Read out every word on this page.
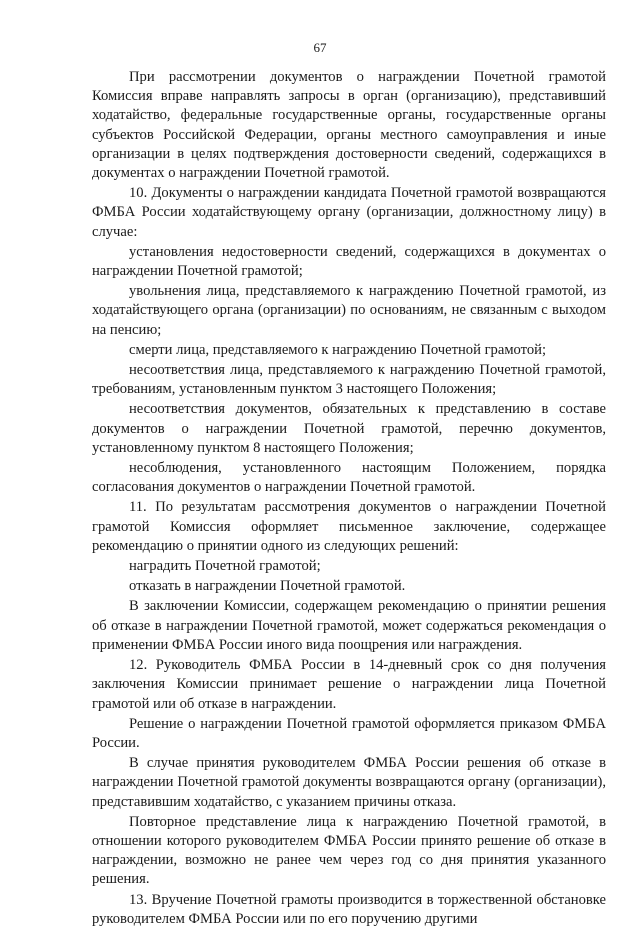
67

При рассмотрении документов о награждении Почетной грамотой Комиссия вправе направлять запросы в орган (организацию), представивший ходатайство, федеральные государственные органы, государственные органы субъектов Российской Федерации, органы местного самоуправления и иные организации в целях подтверждения достоверности сведений, содержащихся в документах о награждении Почетной грамотой.

10. Документы о награждении кандидата Почетной грамотой возвращаются ФМБА России ходатайствующему органу (организации, должностному лицу) в случае:

установления недостоверности сведений, содержащихся в документах о награждении Почетной грамотой;

увольнения лица, представляемого к награждению Почетной грамотой, из ходатайствующего органа (организации) по основаниям, не связанным с выходом на пенсию;

смерти лица, представляемого к награждению Почетной грамотой;

несоответствия лица, представляемого к награждению Почетной грамотой, требованиям, установленным пунктом 3 настоящего Положения;

несоответствия документов, обязательных к представлению в составе документов о награждении Почетной грамотой, перечню документов, установленному пунктом 8 настоящего Положения;

несоблюдения, установленного настоящим Положением, порядка согласования документов о награждении Почетной грамотой.

11. По результатам рассмотрения документов о награждении Почетной грамотой Комиссия оформляет письменное заключение, содержащее рекомендацию о принятии одного из следующих решений:

наградить Почетной грамотой;

отказать в награждении Почетной грамотой.

В заключении Комиссии, содержащем рекомендацию о принятии решения об отказе в награждении Почетной грамотой, может содержаться рекомендация о применении ФМБА России иного вида поощрения или награждения.

12. Руководитель ФМБА России в 14-дневный срок со дня получения заключения Комиссии принимает решение о награждении лица Почетной грамотой или об отказе в награждении.

Решение о награждении Почетной грамотой оформляется приказом ФМБА России.

В случае принятия руководителем ФМБА России решения об отказе в награждении Почетной грамотой документы возвращаются органу (организации), представившим ходатайство, с указанием причины отказа.

Повторное представление лица к награждению Почетной грамотой, в отношении которого руководителем ФМБА России принято решение об отказе в награждении, возможно не ранее чем через год со дня принятия указанного решения.

13. Вручение Почетной грамоты производится в торжественной обстановке руководителем ФМБА России или по его поручению другими
